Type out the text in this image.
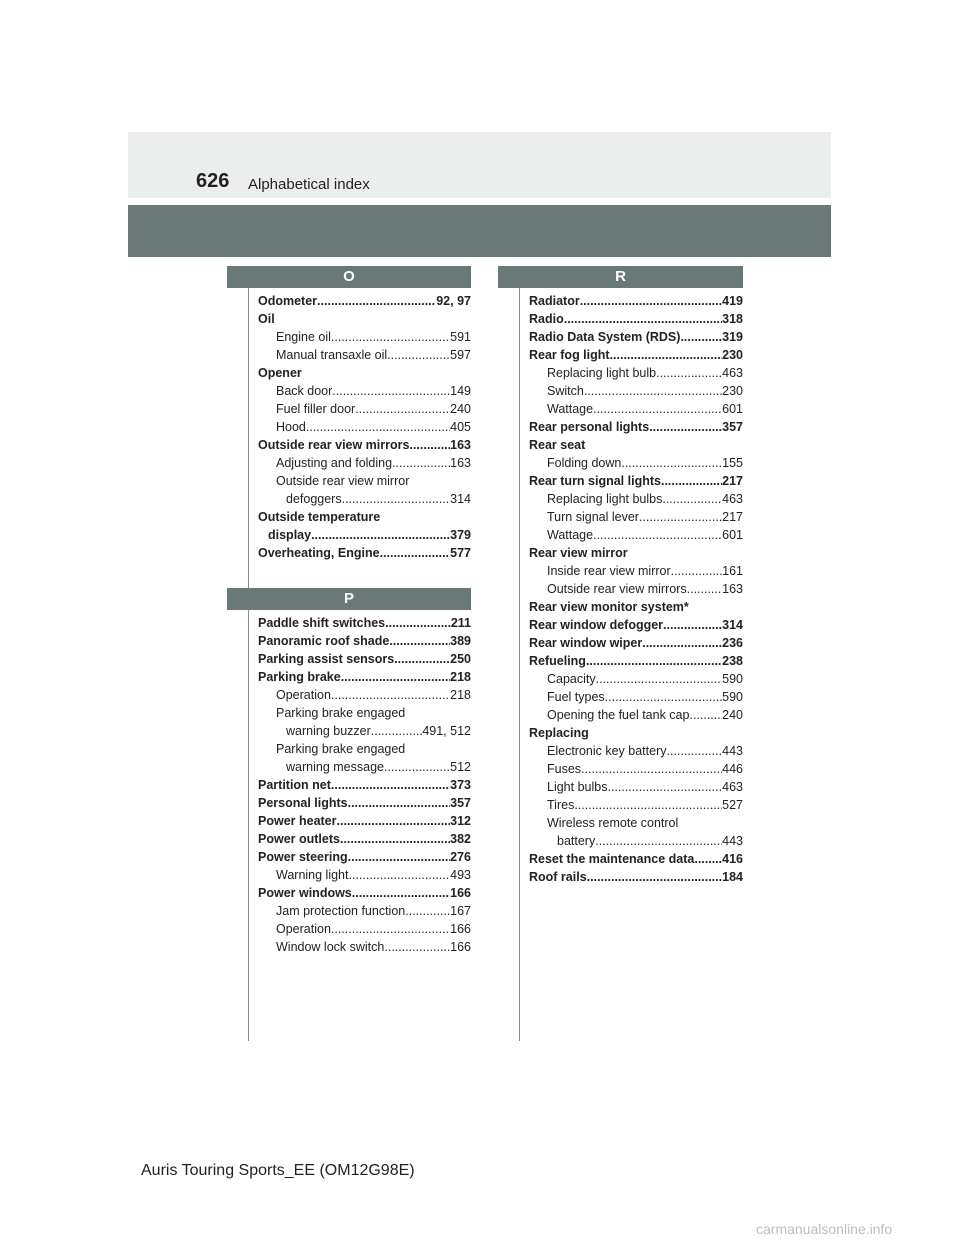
626 Alphabetical index
O
Odometer .....	92, 97
Oil
Engine oil .....	591
Manual transaxle oil .....	597
Opener
Back door .....	149
Fuel filler door .....	240
Hood .....	405
Outside rear view mirrors .....	163
Adjusting and folding .....	163
Outside rear view mirror
defoggers .....	314
Outside temperature
display .....	379
Overheating, Engine .....	577
P
Paddle shift switches .....	211
Panoramic roof shade .....	389
Parking assist sensors .....	250
Parking brake .....	218
Operation .....	218
Parking brake engaged
warning buzzer .....	491, 512
Parking brake engaged
warning message .....	512
Partition net .....	373
Personal lights .....	357
Power heater .....	312
Power outlets .....	382
Power steering .....	276
Warning light .....	493
Power windows .....	166
Jam protection function .....	167
Operation .....	166
Window lock switch .....	166
R
Radiator .....	419
Radio .....	318
Radio Data System (RDS) .....	319
Rear fog light .....	230
Replacing light bulb .....	463
Switch .....	230
Wattage .....	601
Rear personal lights .....	357
Rear seat
Folding down .....	155
Rear turn signal lights .....	217
Replacing light bulbs .....	463
Turn signal lever .....	217
Wattage .....	601
Rear view mirror
Inside rear view mirror .....	161
Outside rear view mirrors .....	163
Rear view monitor system*
Rear window defogger .....	314
Rear window wiper .....	236
Refueling .....	238
Capacity .....	590
Fuel types .....	590
Opening the fuel tank cap .....	240
Replacing
Electronic key battery .....	443
Fuses .....	446
Light bulbs .....	463
Tires .....	527
Wireless remote control
battery .....	443
Reset the maintenance data ..... 416
Roof rails .....	184
Auris Touring Sports_EE (OM12G98E)
carmanualsonline.info
